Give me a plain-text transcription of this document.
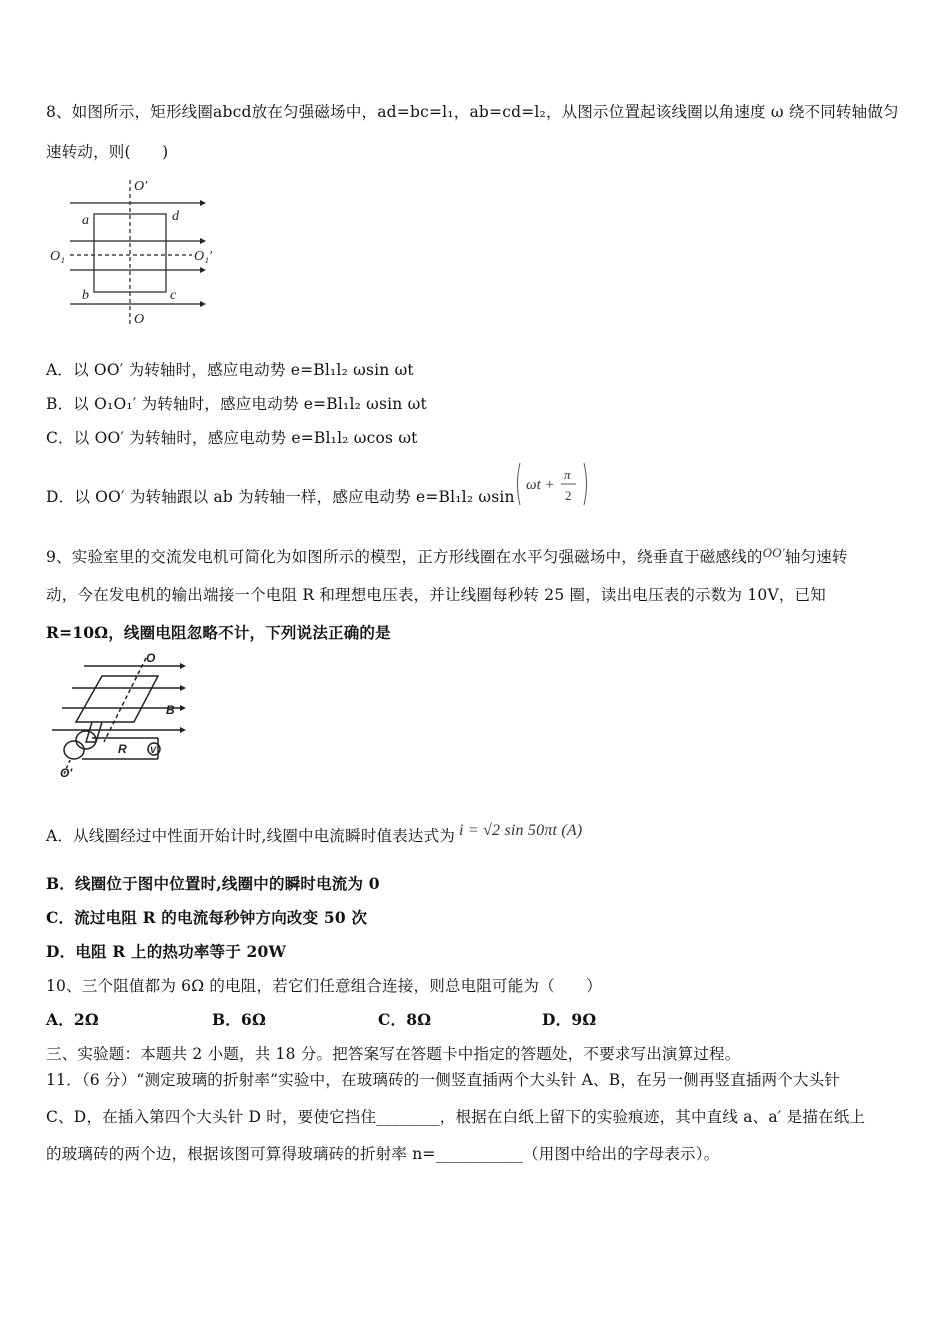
8、如图所示，矩形线圈abcd放在匀强磁场中，ad=bc=l₁，ab=cd=l₂，从图示位置起该线圈以角速度 ω 绕不同转轴做匀
速转动，则(　　)
O′
O
O₁	O₁′
a	d
b	c
A．以 OO′ 为转轴时，感应电动势 e=Bl₁l₂ ωsin ωt
B．以 O₁O₁′ 为转轴时，感应电动势 e=Bl₁l₂ ωsin ωt
C．以 OO′ 为转轴时，感应电动势 e=Bl₁l₂ ωcos ωt
D．以 OO′ 为转轴跟以 ab 为转轴一样，感应电动势 e=Bl₁l₂ ωsin
ωt +
π
2
9、实验室里的交流发电机可简化为如图所示的模型，正方形线圈在水平匀强磁场中，绕垂直于磁感线的$^{OO'}$轴匀速转
动，今在发电机的输出端接一个电阻 R 和理想电压表，并让线圈每秒转 25 圈，读出电压表的示数为 10V，已知
R=10Ω，线圈电阻忽略不计，下列说法正确的是
O
B
R	V
O′
A．从线圈经过中性面开始计时,线圈中电流瞬时值表达式为 i = √2 sin 50πt (A)
B．线圈位于图中位置时,线圈中的瞬时电流为 0
C．流过电阻 R 的电流每秒钟方向改变 50 次
D．电阻 R 上的热功率等于 20W
10、三个阻值都为 6Ω 的电阻，若它们任意组合连接，则总电阻可能为（　　）
A．2Ω	B．6Ω	C．8Ω	D．9Ω
三、实验题：本题共 2 小题，共 18 分。把答案写在答题卡中指定的答题处，不要求写出演算过程。
11．（6 分）“测定玻璃的折射率”实验中，在玻璃砖的一侧竖直插两个大头针 A、B，在另一侧再竖直插两个大头针
C、D，在插入第四个大头针 D 时，要使它挡住________，根据在白纸上留下的实验痕迹，其中直线 a、a′ 是描在纸上
的玻璃砖的两个边，根据该图可算得玻璃砖的折射率 n=___________（用图中给出的字母表示）。
